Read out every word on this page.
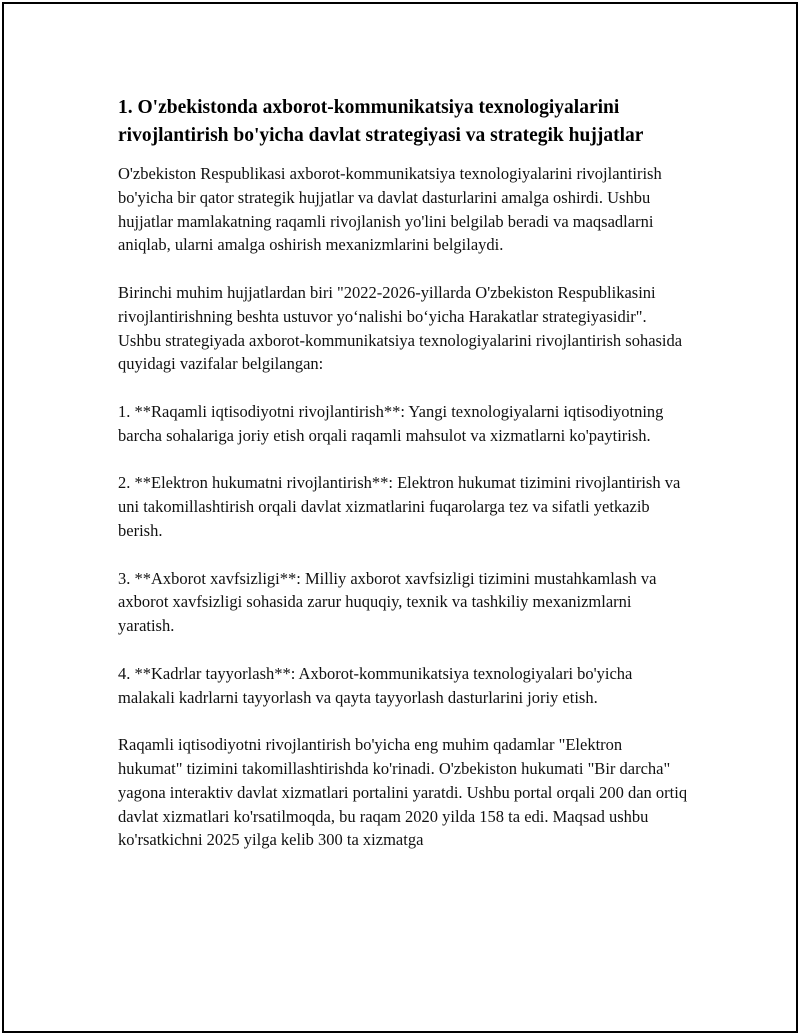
1. O'zbekistonda axborot-kommunikatsiya texnologiyalarini rivojlantirish bo'yicha davlat strategiyasi va strategik hujjatlar

O'zbekiston Respublikasi axborot-kommunikatsiya texnologiyalarini rivojlantirish bo'yicha bir qator strategik hujjatlar va davlat dasturlarini amalga oshirdi. Ushbu hujjatlar mamlakatning raqamli rivojlanish yo'lini belgilab beradi va maqsadlarni aniqlab, ularni amalga oshirish mexanizmlarini belgilaydi.

Birinchi muhim hujjatlardan biri "2022-2026-yillarda O'zbekiston Respublikasini rivojlantirishning beshta ustuvor yo‘nalishi bo‘yicha Harakatlar strategiyasidir". Ushbu strategiyada axborot-kommunikatsiya texnologiyalarini rivojlantirish sohasida quyidagi vazifalar belgilangan:

1. **Raqamli iqtisodiyotni rivojlantirish**: Yangi texnologiyalarni iqtisodiyotning barcha sohalariga joriy etish orqali raqamli mahsulot va xizmatlarni ko'paytirish.

2. **Elektron hukumatni rivojlantirish**: Elektron hukumat tizimini rivojlantirish va uni takomillashtirish orqali davlat xizmatlarini fuqarolarga tez va sifatli yetkazib berish.

3. **Axborot xavfsizligi**: Milliy axborot xavfsizligi tizimini mustahkamlash va axborot xavfsizligi sohasida zarur huquqiy, texnik va tashkiliy mexanizmlarni yaratish.

4. **Kadrlar tayyorlash**: Axborot-kommunikatsiya texnologiyalari bo'yicha malakali kadrlarni tayyorlash va qayta tayyorlash dasturlarini joriy etish.

Raqamli iqtisodiyotni rivojlantirish bo'yicha eng muhim qadamlar "Elektron hukumat" tizimini takomillashtirishda ko'rinadi. O'zbekiston hukumati "Bir darcha" yagona interaktiv davlat xizmatlari portalini yaratdi. Ushbu portal orqali 200 dan ortiq davlat xizmatlari ko'rsatilmoqda, bu raqam 2020 yilda 158 ta edi. Maqsad ushbu ko'rsatkichni 2025 yilga kelib 300 ta xizmatga
